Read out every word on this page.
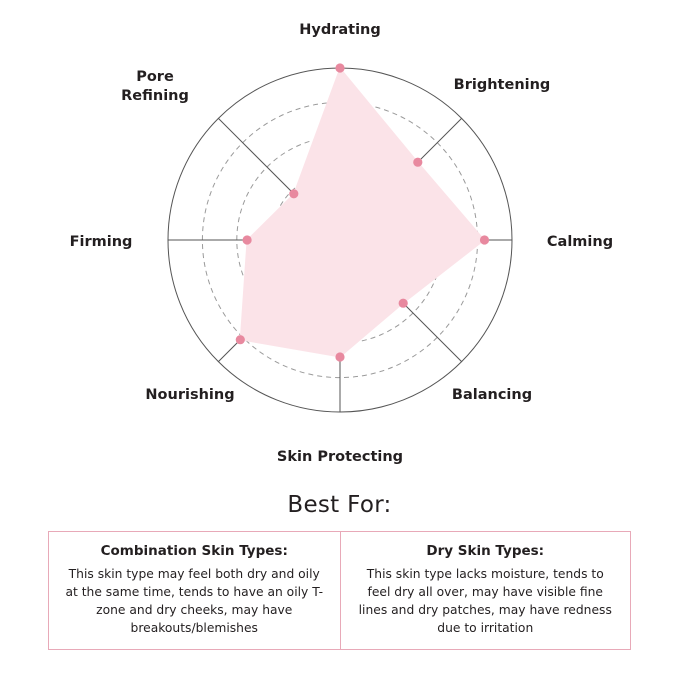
Hydrating
Brightening
Calming
Balancing
Skin Protecting
Nourishing
Firming
Pore
Refining
Best For:
Combination Skin Types:
This skin type may feel both dry and oily at the same time, tends to have an oily T-zone and dry cheeks, may have breakouts/blemishes
Dry Skin Types:
This skin type lacks moisture, tends to feel dry all over, may have visible fine lines and dry patches, may have redness due to irritation
